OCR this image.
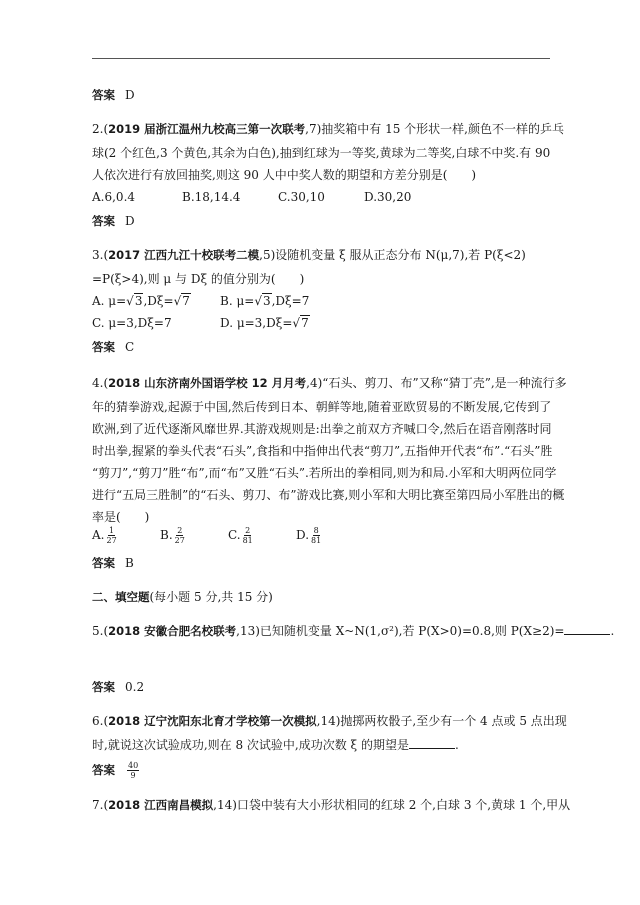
答案 D
2.(2019 届浙江温州九校高三第一次联考,7)抽奖箱中有 15 个形状一样,颜色不一样的乒乓
球(2 个红色,3 个黄色,其余为白色),抽到红球为一等奖,黄球为二等奖,白球不中奖.有 90
人依次进行有放回抽奖,则这 90 人中中奖人数的期望和方差分别是(　　)
A.6,0.4	B.18,14.4	C.30,10	D.30,20
答案 D
3.(2017 江西九江十校联考二模,5)设随机变量 ξ 服从正态分布 N(μ,7),若 P(ξ<2)
=P(ξ>4),则 μ 与 Dξ 的值分别为(　　)
A. μ=√3,Dξ=√7	B. μ=√3,Dξ=7
C. μ=3,Dξ=7	D. μ=3,Dξ=√7
答案 C
4.(2018 山东济南外国语学校 12 月月考,4)“石头、剪刀、布”又称“猜丁壳”,是一种流行多
年的猜拳游戏,起源于中国,然后传到日本、朝鲜等地,随着亚欧贸易的不断发展,它传到了
欧洲,到了近代逐渐风靡世界.其游戏规则是:出拳之前双方齐喊口令,然后在语音刚落时同
时出拳,握紧的拳头代表“石头”,食指和中指伸出代表“剪刀”,五指伸开代表“布”.“石头”胜
“剪刀”,“剪刀”胜“布”,而“布”又胜“石头”.若所出的拳相同,则为和局.小军和大明两位同学
进行“五局三胜制”的“石头、剪刀、布”游戏比赛,则小军和大明比赛至第四局小军胜出的概
率是(　　)
A. $\frac{1}{27}$	B. $\frac{2}{27}$	C. $\frac{2}{81}$	D. $\frac{8}{81}$
答案 B
二、填空题(每小题 5 分,共 15 分)
5.(2018 安徽合肥名校联考,13)已知随机变量 X~N(1,σ²),若 P(X>0)=0.8,则 P(X≥2)=	.
答案 0.2
6.(2018 辽宁沈阳东北育才学校第一次模拟,14)抛掷两枚骰子,至少有一个 4 点或 5 点出现
时,就说这次试验成功,则在 8 次试验中,成功次数 ξ 的期望是	.
答案 $\frac{40}{9}$
7.(2018 江西南昌模拟,14)口袋中装有大小形状相同的红球 2 个,白球 3 个,黄球 1 个,甲从
